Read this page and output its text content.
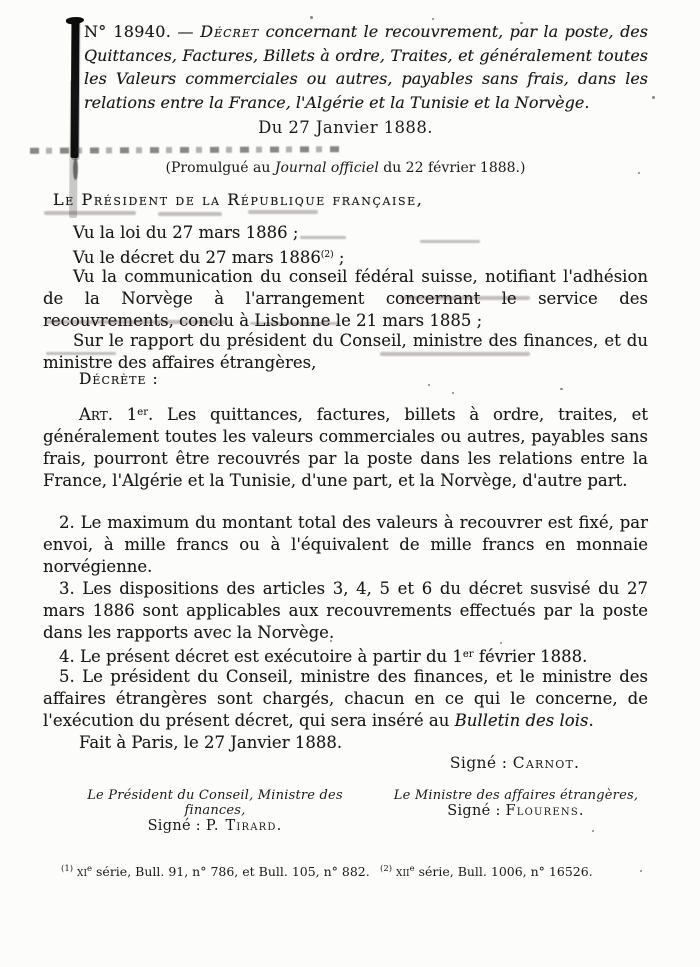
N° 18940. — Décret concernant le recouvrement, par la poste, des Quittances, Factures, Billets à ordre, Traites, et généralement toutes les Valeurs commerciales ou autres, payables sans frais, dans les relations entre la France, l'Algérie et la Tunisie et la Norvège.

Du 27 Janvier 1888.

(Promulgué au Journal officiel du 22 février 1888.)

Le Président de la République française,

Vu la loi du 27 mars 1886 ;

Vu le décret du 27 mars 1886$^{(2)}$ ;

Vu la communication du conseil fédéral suisse, notifiant l'adhésion de la Norvège à l'arrangement concernant le service des recouvrements, conclu à Lisbonne le 21 mars 1885 ;

Sur le rapport du président du Conseil, ministre des finances, et du ministre des affaires étrangères,

Décrète :

Art. 1er. Les quittances, factures, billets à ordre, traites, et généralement toutes les valeurs commerciales ou autres, payables sans frais, pourront être recouvrés par la poste dans les relations entre la France, l'Algérie et la Tunisie, d'une part, et la Norvège, d'autre part.

2. Le maximum du montant total des valeurs à recouvrer est fixé, par envoi, à mille francs ou à l'équivalent de mille francs en monnaie norvégienne.

3. Les dispositions des articles 3, 4, 5 et 6 du décret susvisé du 27 mars 1886 sont applicables aux recouvrements effectués par la poste dans les rapports avec la Norvège.

4. Le présent décret est exécutoire à partir du 1er février 1888.

5. Le président du Conseil, ministre des finances, et le ministre des affaires étrangères sont chargés, chacun en ce qui le concerne, de l'exécution du présent décret, qui sera inséré au Bulletin des lois.

Fait à Paris, le 27 Janvier 1888.

Signé : Carnot.

Le Président du Conseil, Ministre des finances,

Signé : P. Tirard.

Le Ministre des affaires étrangères,

Signé : Flourens.

$^{(1)}$ xi$^e$ série, Bull. 91, n° 786, et Bull. 105, n° 882.	$^{(2)}$ xii$^e$ série, Bull. 1006, n° 16526.
